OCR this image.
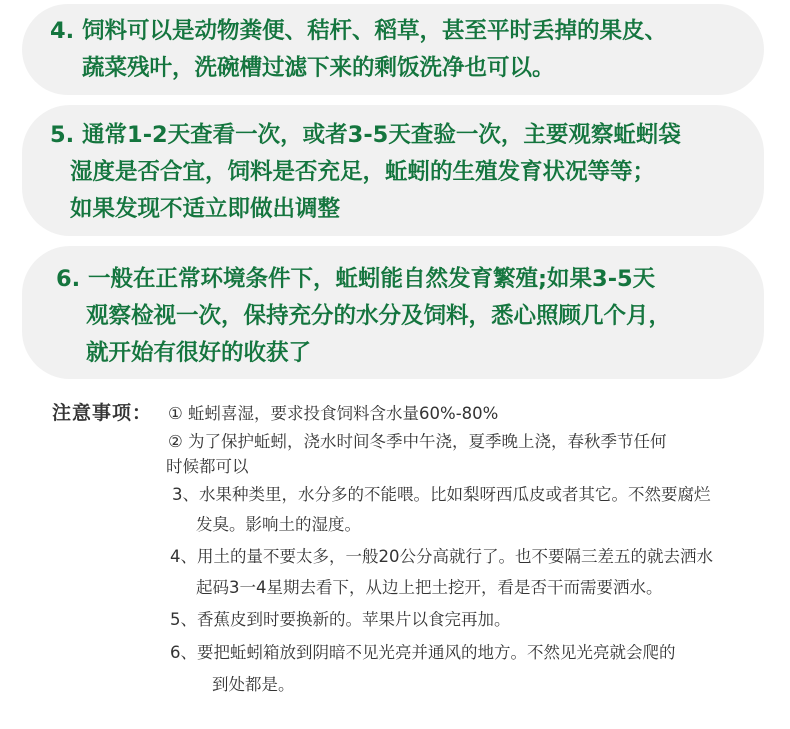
4. 饲料可以是动物粪便、秸杆、稻草，甚至平时丢掉的果皮、
蔬菜残叶，洗碗槽过滤下来的剩饭洗净也可以。
5. 通常1-2天查看一次，或者3-5天查验一次，主要观察蚯蚓袋
湿度是否合宜，饲料是否充足，蚯蚓的生殖发育状况等等；
如果发现不适立即做出调整
6. 一般在正常环境条件下，蚯蚓能自然发育繁殖;如果3-5天
观察检视一次，保持充分的水分及饲料，悉心照顾几个月，
就开始有很好的收获了
注意事项： ① 蚯蚓喜湿，要求投食饲料含水量60%-80%
② 为了保护蚯蚓，浇水时间冬季中午浇，夏季晚上浇，春秋季节任何
时候都可以
3、水果种类里，水分多的不能喂。比如梨呀西瓜皮或者其它。不然要腐烂
发臭。影响土的湿度。
4、用土的量不要太多，一般20公分高就行了。也不要隔三差五的就去洒水
起码3一4星期去看下，从边上把土挖开，看是否干而需要洒水。
5、香蕉皮到时要换新的。苹果片以食完再加。
6、要把蚯蚓箱放到阴暗不见光亮并通风的地方。不然见光亮就会爬的
到处都是。
